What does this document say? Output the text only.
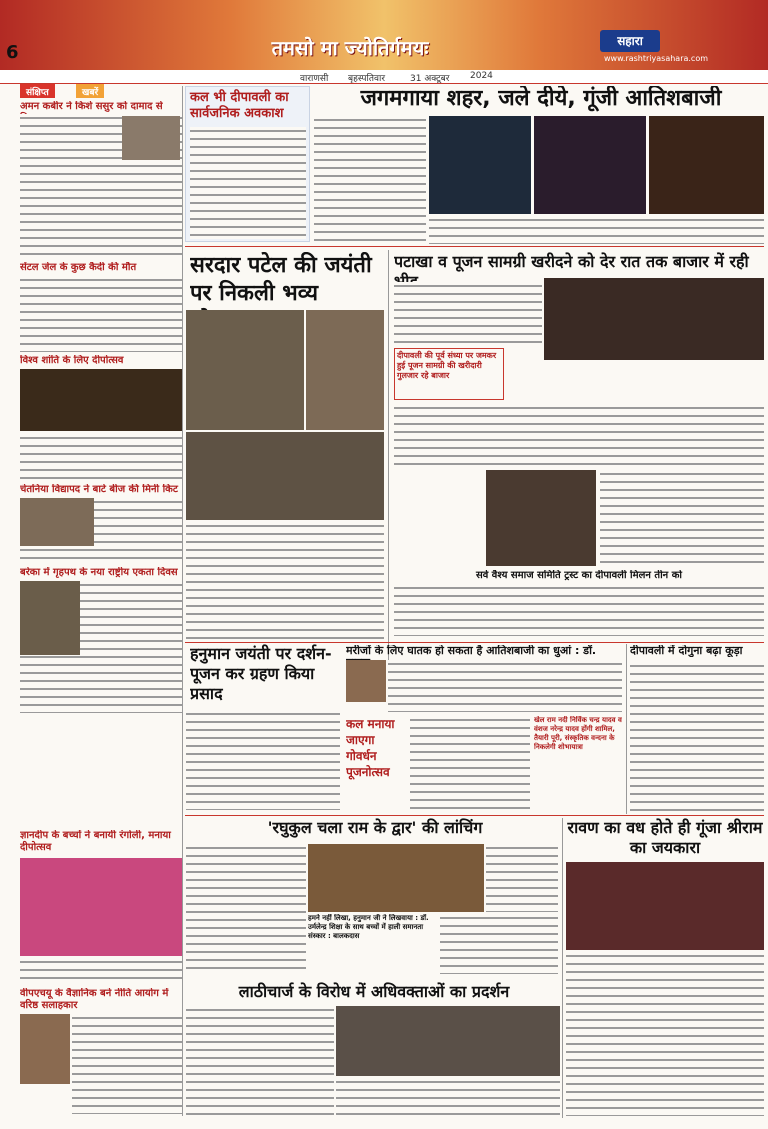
6	तमसो मा ज्योतिर्गमयः	सहारा
www.rashtriyasahara.com
वाराणसी बृहस्पतिवार	31 अक्टूबर 2024
संक्षिप्त	खबरें
अमन कबीर ने किशे ससुर को दामाद से
सेंटल जेल के कुछ कैदी की मौत
विश्व शांति के लिए दीपोत्सव
चेतनिया विद्यापद ने बाटे बीज की मिनी किट
बरेका में गृहपथ के नया राष्ट्रीय एकता दिवस
ज्ञानदीप के बच्चों ने बनायी रंगोली, मनाया दीपोत्सव
वीपएचयू के वैज्ञानिक बने नीति आयोग में वरिष्ठ सलाहकार
कल भी दीपावली का सार्वजनिक अवकाश
जगमगाया शहर, जले दीये, गूंजी आतिशबाजी
सरदार पटेल की जयंती पर निकली भव्य
पटाखा व पूजन सामग्री खरीदने को देर रात तक बाजार में रही
दीपावली की पूर्व संध्या पर जमकर हुई पूजन सामग्री की खरीदारी गुलजार रहे बाजार
सर्व वैश्य समाज समिति ट्रस्ट का दीपावली मिलन तीन को
हनुमान जयंती पर दर्शन-पूजन कर ग्रहण किया प्रसाद
मरीजों के लिए घातक हो सकता है आतिशबाजी का धुआं : डॉ.
कल मनाया जाएगा गोवर्धन पूजनोत्सव
खेल राम नदी निर्विक चन्द्र यादव व वंशज नरेन्द्र यादव होंगी शामिल, तैयारी पूरी, संस्कृतिक वन्दना के निकलेगी शोभायात्रा
दीपावली में दोगुना बढ़ा कूड़ा
'रघुकुल चला राम के द्वार' की लांचिंग
हमने नहीं लिखा, हनुमान जी ने लिखवाया : डॉ. उर्मलेन्द्र शिक्षा के साथ बच्चों में हाली समानता संस्कार : बालकदास
रावण का वध होते ही गूंजा श्रीराम का जयकारा
लाठीचार्ज के विरोध में अधिवक्ताओं का प्रदर्शन
